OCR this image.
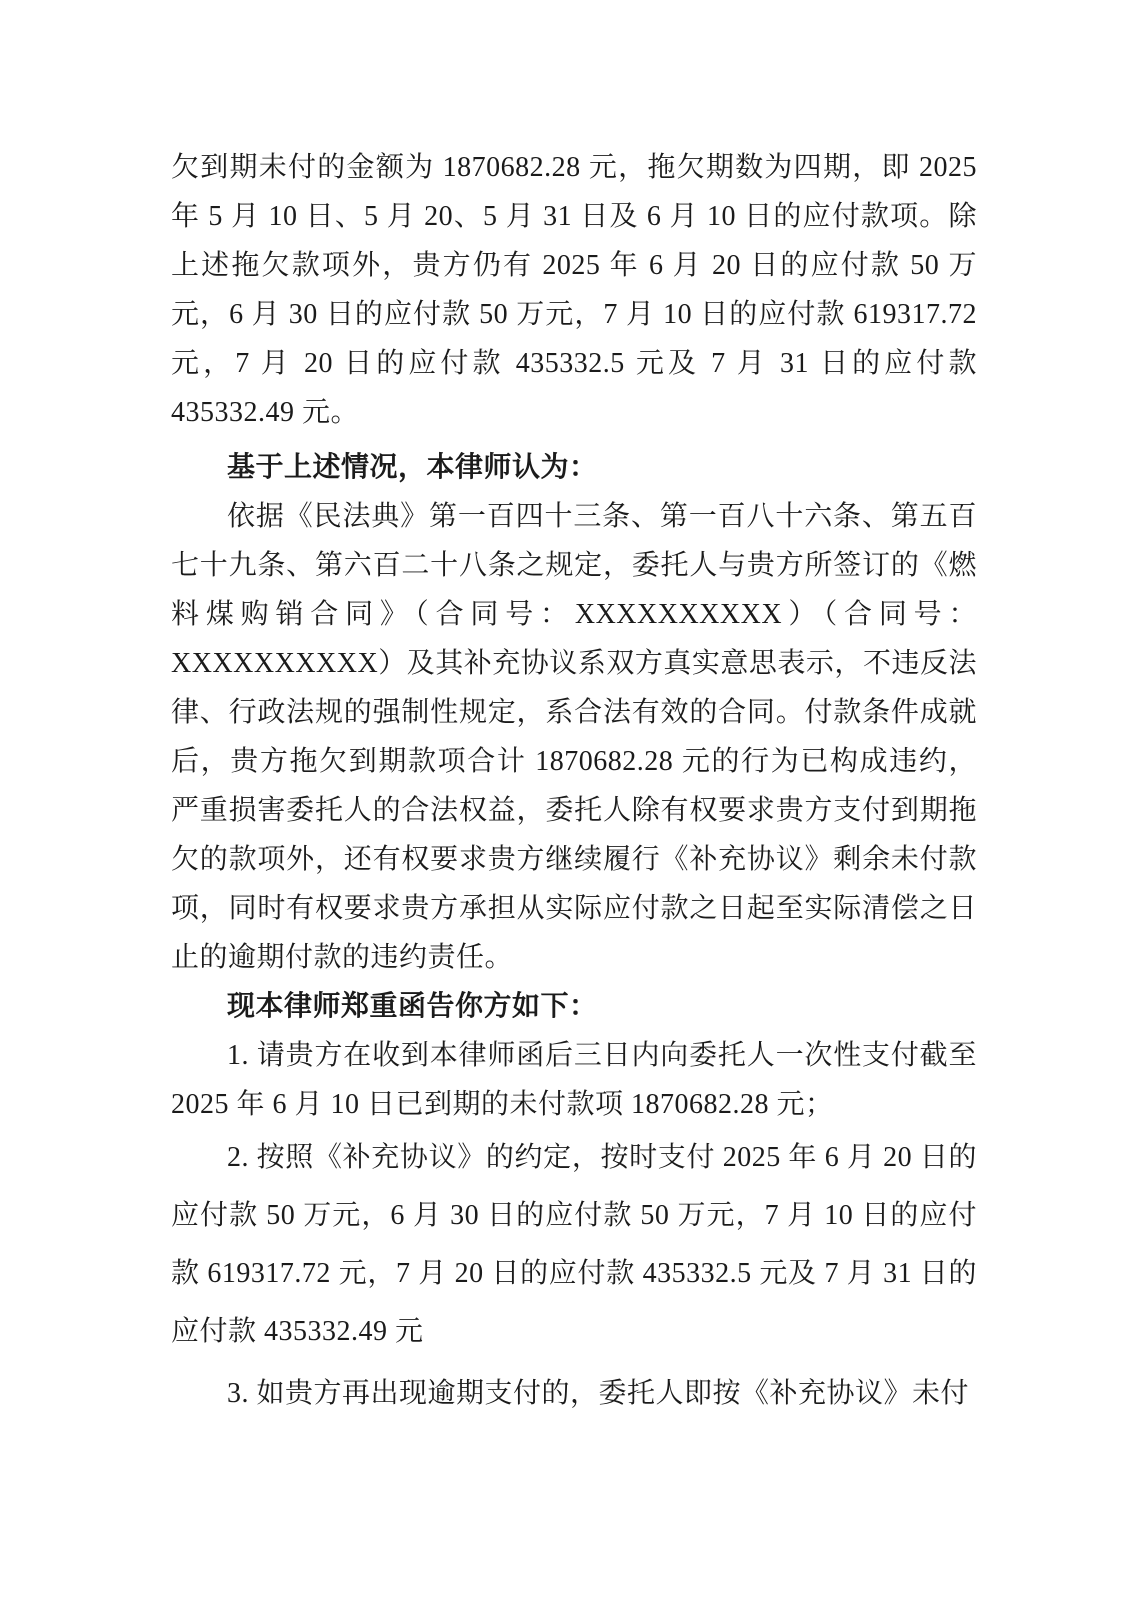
欠到期未付的金额为 1870682.28 元，拖欠期数为四期，即 2025 年 5 月 10 日、5 月 20、5 月 31 日及 6 月 10 日的应付款项。除上述拖欠款项外，贵方仍有 2025 年 6 月 20 日的应付款 50 万元，6 月 30 日的应付款 50 万元，7 月 10 日的应付款 619317.72 元，7 月 20 日的应付款 435332.5 元及 7 月 31 日的应付款 435332.49 元。

基于上述情况，本律师认为：

依据《民法典》第一百四十三条、第一百八十六条、第五百七十九条、第六百二十八条之规定，委托人与贵方所签订的《燃料煤购销合同》（合同号：XXXXXXXXXX）（合同号：XXXXXXXXXX）及其补充协议系双方真实意思表示，不违反法律、行政法规的强制性规定，系合法有效的合同。付款条件成就后，贵方拖欠到期款项合计 1870682.28 元的行为已构成违约，严重损害委托人的合法权益，委托人除有权要求贵方支付到期拖欠的款项外，还有权要求贵方继续履行《补充协议》剩余未付款项，同时有权要求贵方承担从实际应付款之日起至实际清偿之日止的逾期付款的违约责任。

现本律师郑重函告你方如下：

1. 请贵方在收到本律师函后三日内向委托人一次性支付截至 2025 年 6 月 10 日已到期的未付款项 1870682.28 元；

2. 按照《补充协议》的约定，按时支付 2025 年 6 月 20 日的应付款 50 万元，6 月 30 日的应付款 50 万元，7 月 10 日的应付款 619317.72 元，7 月 20 日的应付款 435332.5 元及 7 月 31 日的应付款 435332.49 元

3. 如贵方再出现逾期支付的，委托人即按《补充协议》未付
